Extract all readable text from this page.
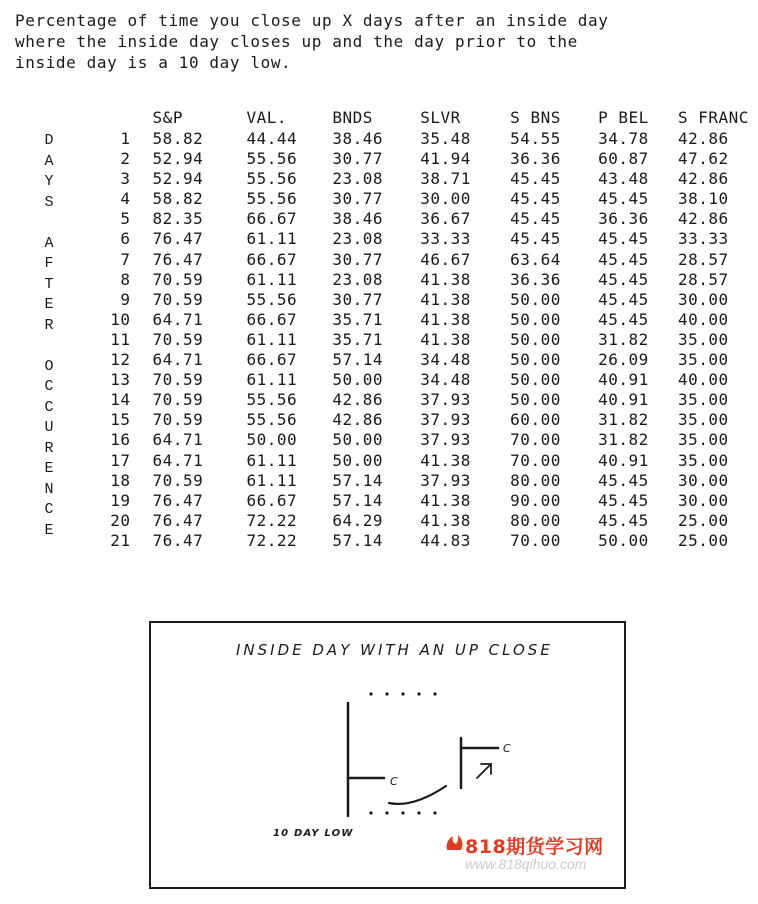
Percentage of time you close up X days after an inside day
where the inside day closes up and the day prior to the
inside day is a 10 day low.
D
A
Y
S

A
F
T
E
R

O
C
C
U
R
E
N
C
E
	S&P	VAL.	BNDS	SLVR	S BNS	P BEL	S FRANC
1	58.82	44.44	38.46	35.48	54.55	34.78	42.86
2	52.94	55.56	30.77	41.94	36.36	60.87	47.62
3	52.94	55.56	23.08	38.71	45.45	43.48	42.86
4	58.82	55.56	30.77	30.00	45.45	45.45	38.10
5	82.35	66.67	38.46	36.67	45.45	36.36	42.86
6	76.47	61.11	23.08	33.33	45.45	45.45	33.33
7	76.47	66.67	30.77	46.67	63.64	45.45	28.57
8	70.59	61.11	23.08	41.38	36.36	45.45	28.57
9	70.59	55.56	30.77	41.38	50.00	45.45	30.00
10	64.71	66.67	35.71	41.38	50.00	45.45	40.00
11	70.59	61.11	35.71	41.38	50.00	31.82	35.00
12	64.71	66.67	57.14	34.48	50.00	26.09	35.00
13	70.59	61.11	50.00	34.48	50.00	40.91	40.00
14	70.59	55.56	42.86	37.93	50.00	40.91	35.00
15	70.59	55.56	42.86	37.93	60.00	31.82	35.00
16	64.71	50.00	50.00	37.93	70.00	31.82	35.00
17	64.71	61.11	50.00	41.38	70.00	40.91	35.00
18	70.59	61.11	57.14	37.93	80.00	45.45	30.00
19	76.47	66.67	57.14	41.38	90.00	45.45	30.00
20	76.47	72.22	64.29	41.38	80.00	45.45	25.00
21	76.47	72.22	57.14	44.83	70.00	50.00	25.00
INSIDE DAY WITH AN UP CLOSE
C
C
10 DAY LOW
818期货学习网
www.818qihuo.com
